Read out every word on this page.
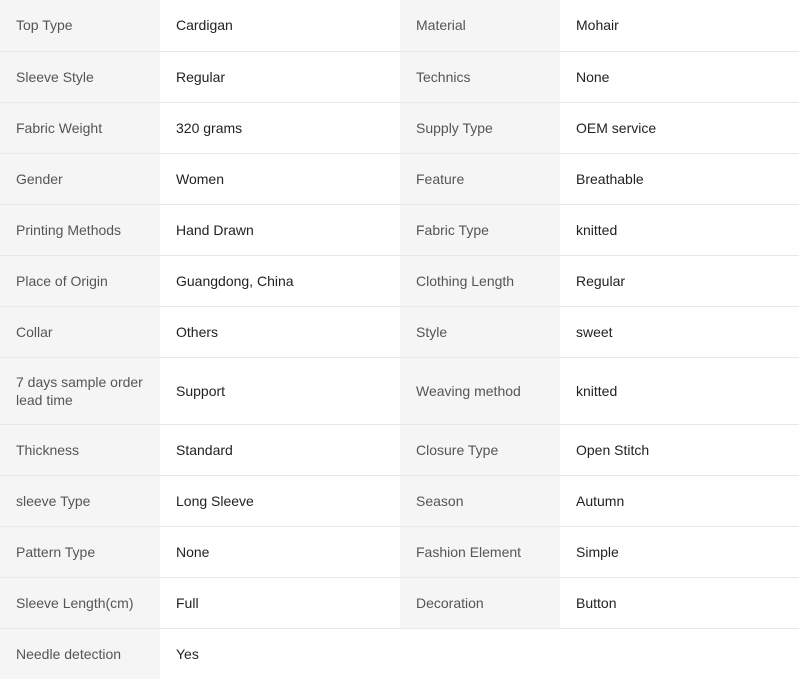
Top Type	Cardigan	Material	Mohair
Sleeve Style	Regular	Technics	None
Fabric Weight	320 grams	Supply Type	OEM service
Gender	Women	Feature	Breathable
Printing Methods	Hand Drawn	Fabric Type	knitted
Place of Origin	Guangdong, China	Clothing Length	Regular
Collar	Others	Style	sweet
7 days sample order lead time	Support	Weaving method	knitted
Thickness	Standard	Closure Type	Open Stitch
sleeve Type	Long Sleeve	Season	Autumn
Pattern Type	None	Fashion Element	Simple
Sleeve Length(cm)	Full	Decoration	Button
Needle detection	Yes		
